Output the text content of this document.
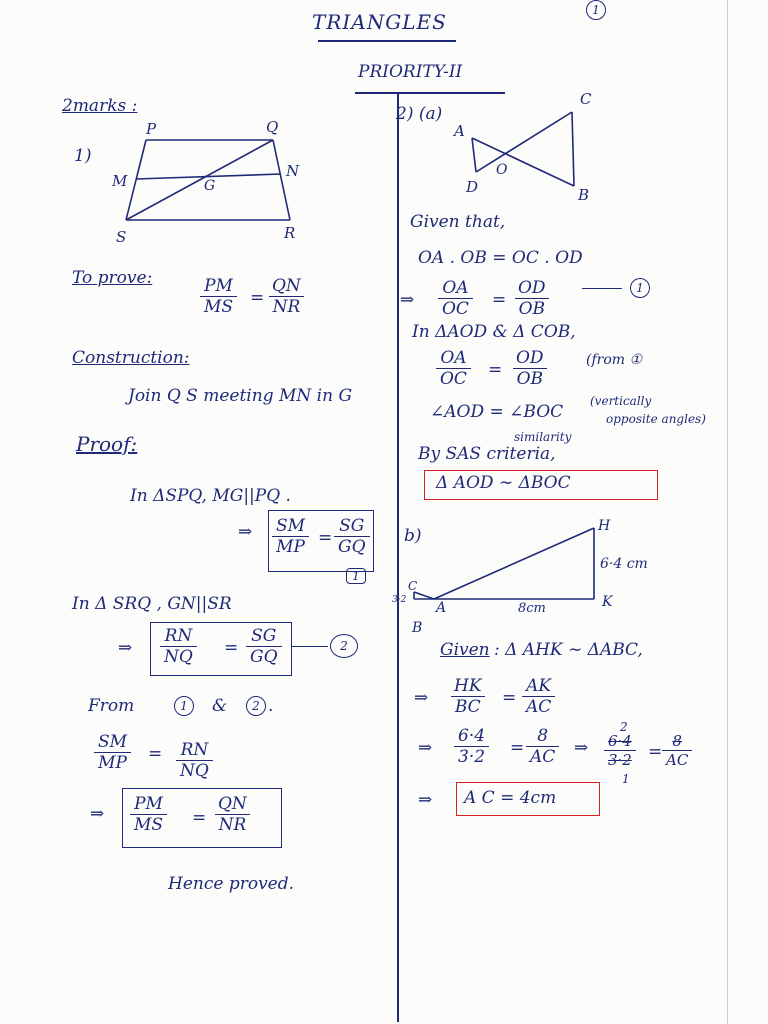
TRIANGLES	1
PRIORITY-II
2marks :
1)
P	Q
M	G
N
S	R
To prove:	$\frac{PM}{MS} = \frac{QN}{NR}$
Construction:
Join Q S meeting MN in G
Proof:
In ΔSPQ, MG||PQ .
⇒ $\frac{SM}{MP} = \frac{SG}{GQ}$
1
In Δ SRQ , GN||SR
⇒ $\frac{RN}{NQ} = \frac{SG}{GQ}$	2
From	1	&	2 .
$\frac{SM}{MP} = \frac{RN}{NQ}$
⇒ $\frac{PM}{MS} = \frac{QN}{NR}$
Hence proved.
2) (a)
A
C
O
D	B
Given that,
OA . OB = OC . OD
⇒ $\frac{OA}{OC} = \frac{OD}{OB}$	1
In ΔAOD & Δ COB,
$\frac{OA}{OC} = \frac{OD}{OB}$	(from ①
∠AOD = ∠BOC
(vertically
opposite angles)
similarity
By SAS criteria,
Δ AOD ∼ ΔBOC
b)	H
C
A	K
B
6·4 cm
8cm
3·2
Given : Δ AHK ∼ ΔABC,
⇒ $\frac{HK}{BC} = \frac{AK}{AC}$
⇒ $\frac{6\cdot 4}{3\cdot 2} = \frac{8}{AC}$ ⇒
2
$\frac{6\cdot 4}{3\cdot 2}$
1
= $\frac{8}{AC}$
⇒ A C = 4cm
